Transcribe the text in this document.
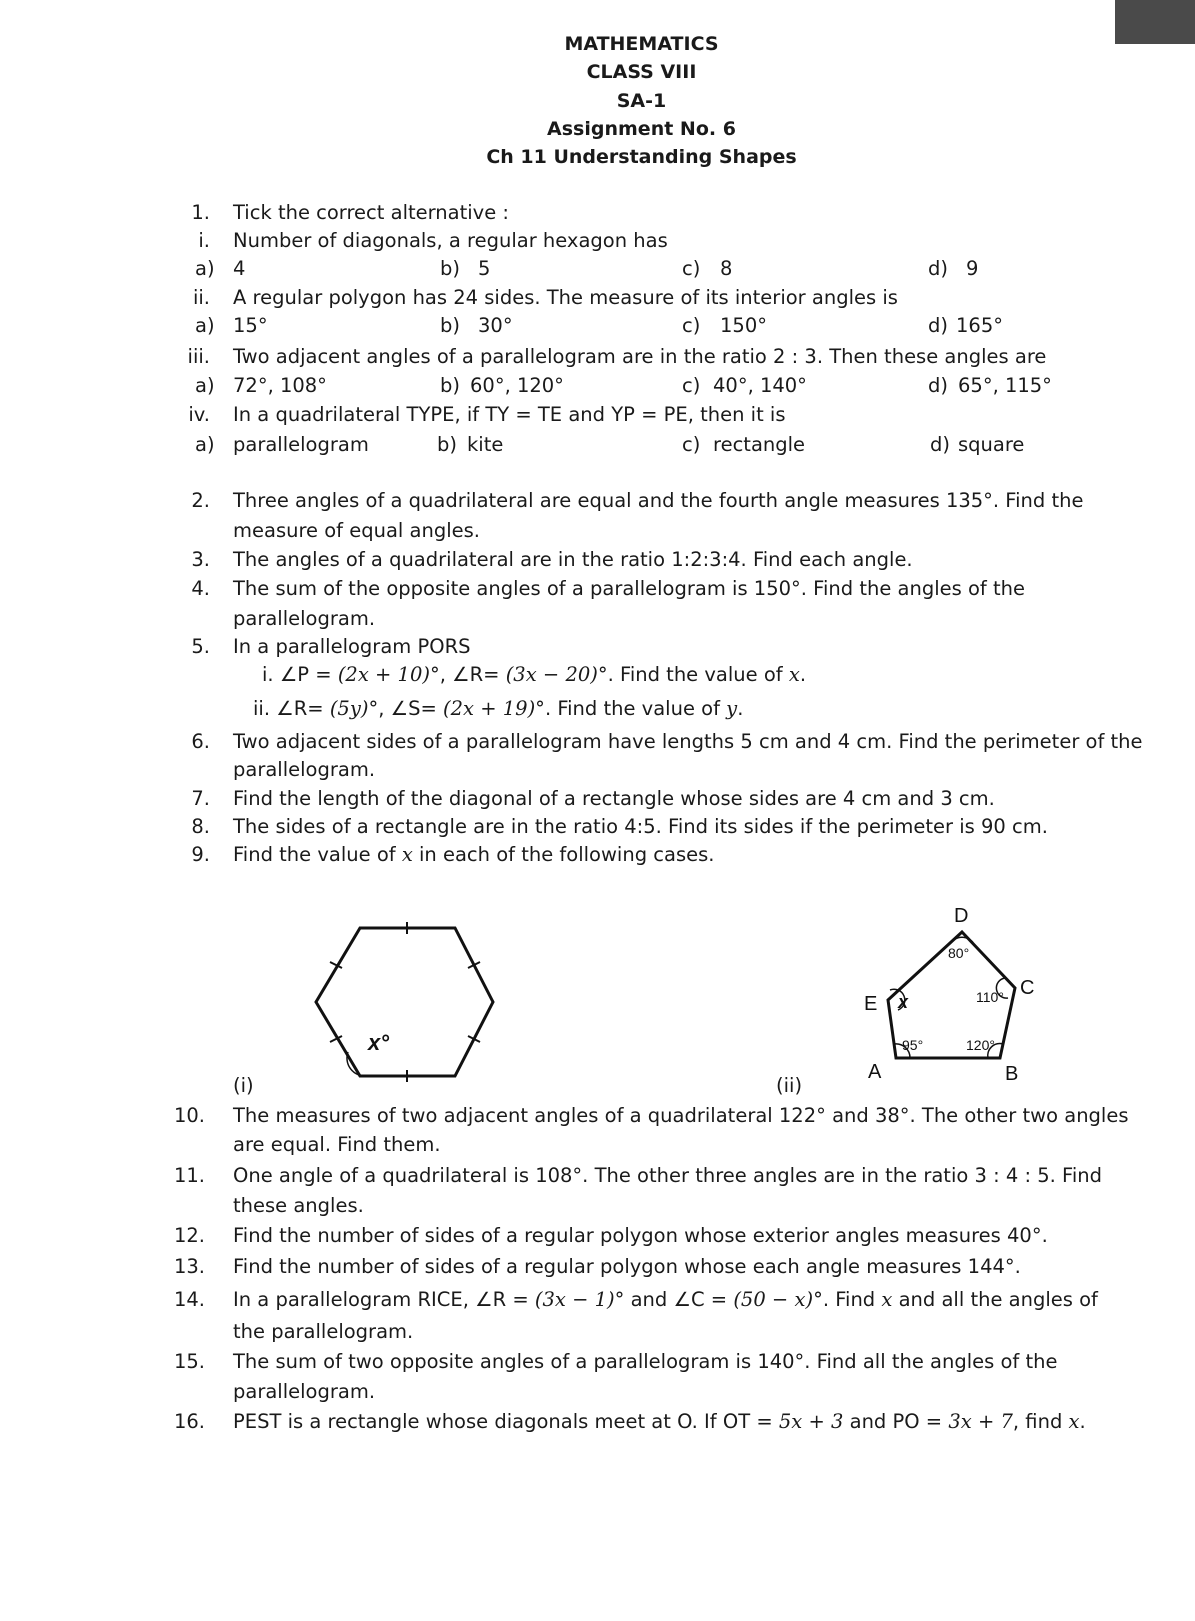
MATHEMATICS
CLASS VIII
SA-1
Assignment No. 6
Ch 11 Understanding Shapes
1. Tick the correct alternative :
i. Number of diagonals, a regular hexagon has
a) 4	b) 5	c) 8	d) 9
ii. A regular polygon has 24 sides. The measure of its interior angles is
a) 15°	b) 30°	c) 150°	d) 165°
iii. Two adjacent angles of a parallelogram are in the ratio 2 : 3. Then these angles are
a) 72°, 108°	b) 60°, 120°	c) 40°, 140°	d) 65°, 115°
iv. In a quadrilateral TYPE, if TY = TE and YP = PE, then it is
a) parallelogram	b) kite	c) rectangle	d) square
2. Three angles of a quadrilateral are equal and the fourth angle measures 135°. Find the
measure of equal angles.
3. The angles of a quadrilateral are in the ratio 1:2:3:4. Find each angle.
4. The sum of the opposite angles of a parallelogram is 150°. Find the angles of the
parallelogram.
5. In a parallelogram PORS
i. ∠P = (2x + 10)°, ∠R= (3x − 20)°. Find the value of x.
ii. ∠R= (5y)°, ∠S= (2x + 19)°. Find the value of y.
6. Two adjacent sides of a parallelogram have lengths 5 cm and 4 cm. Find the perimeter of the
parallelogram.
7. Find the length of the diagonal of a rectangle whose sides are 4 cm and 3 cm.
8. The sides of a rectangle are in the ratio 4:5. Find its sides if the perimeter is 90 cm.
9. Find the value of x in each of the following cases.
(i)
x°
(ii)
D
C
B
A
E
80°
110°
120°
95°
x
10. The measures of two adjacent angles of a quadrilateral 122° and 38°. The other two angles
are equal. Find them.
11. One angle of a quadrilateral is 108°. The other three angles are in the ratio 3 : 4 : 5. Find
these angles.
12. Find the number of sides of a regular polygon whose exterior angles measures 40°.
13. Find the number of sides of a regular polygon whose each angle measures 144°.
14. In a parallelogram RICE, ∠R = (3x − 1)° and ∠C = (50 − x)°. Find x and all the angles of
the parallelogram.
15. The sum of two opposite angles of a parallelogram is 140°. Find all the angles of the
parallelogram.
16. PEST is a rectangle whose diagonals meet at O. If OT = 5x + 3 and PO = 3x + 7, find x.
